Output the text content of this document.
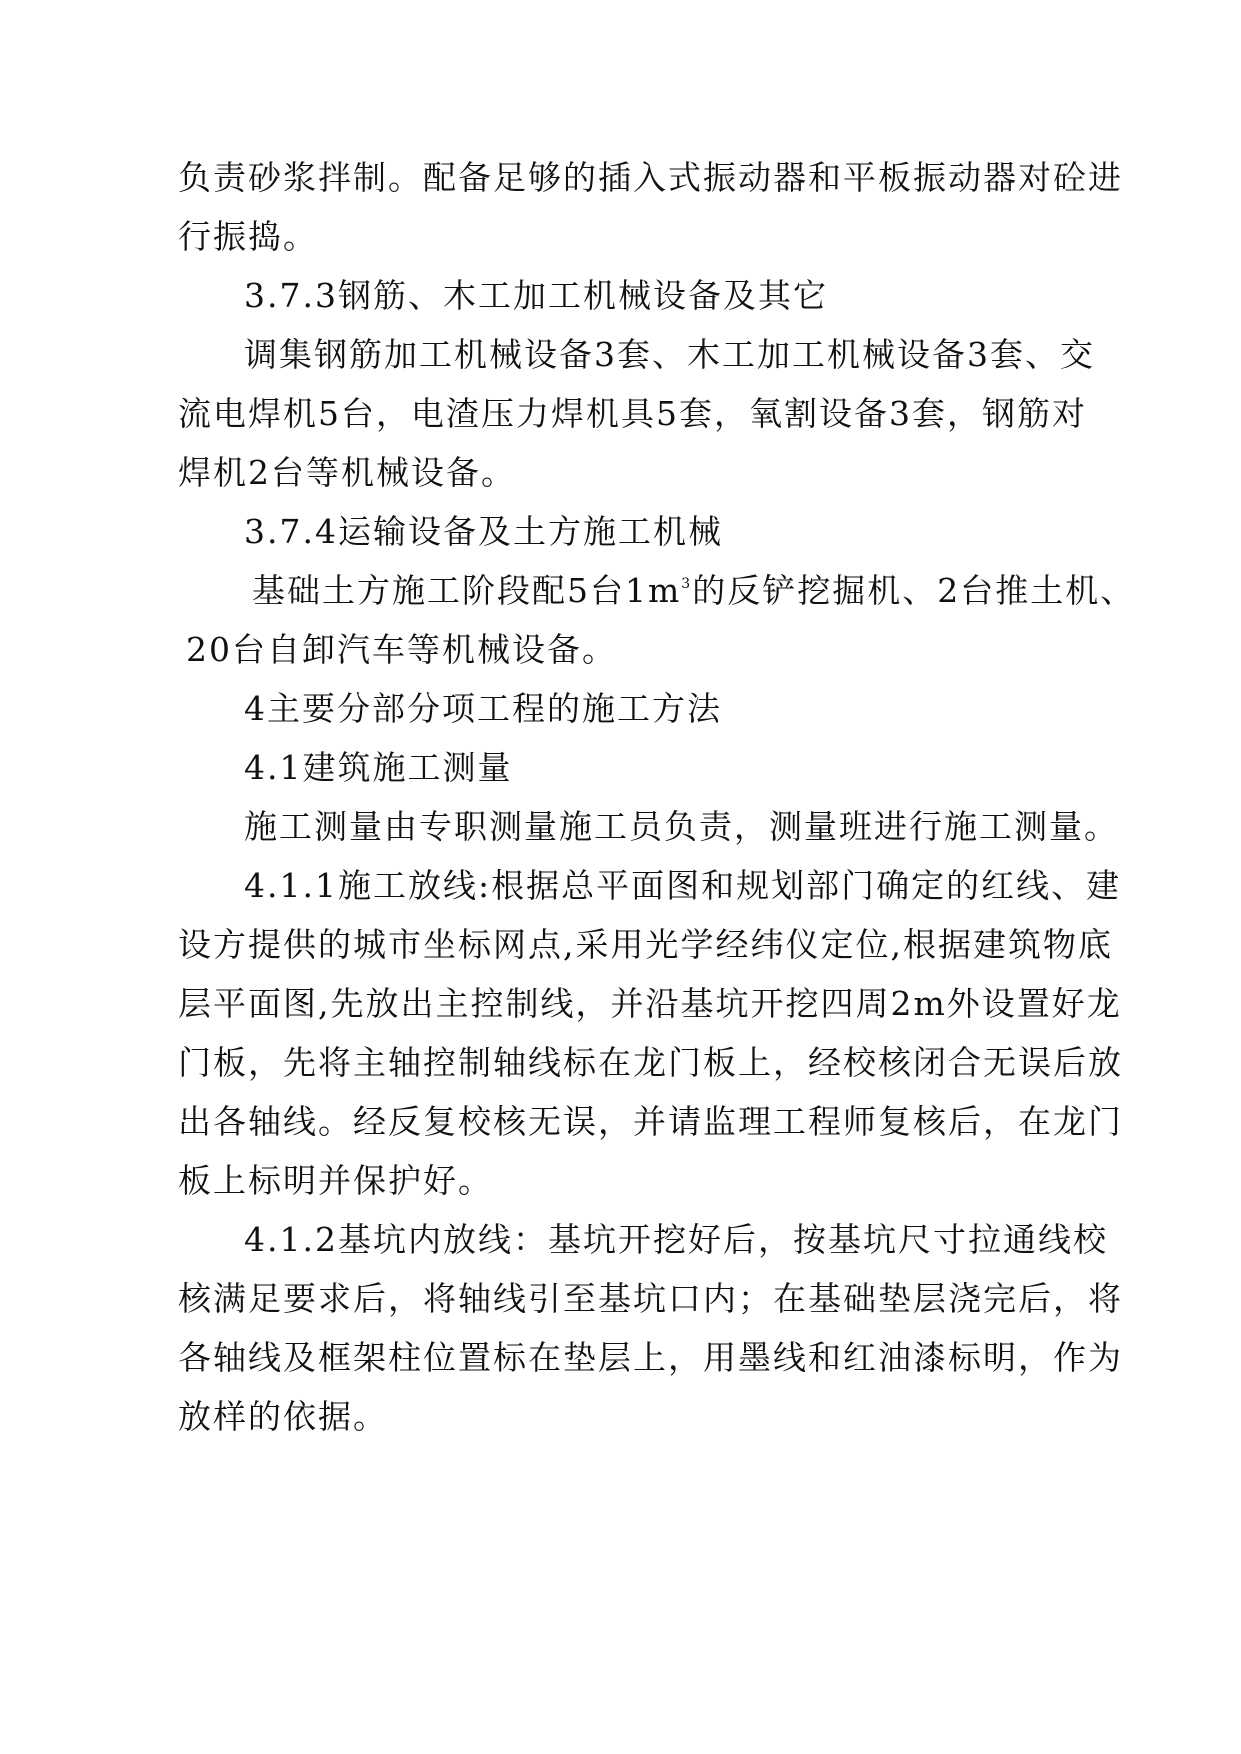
负责砂浆拌制。配备足够的插入式振动器和平板振动器对砼进
行振捣。
3.7.3钢筋、木工加工机械设备及其它
调集钢筋加工机械设备3套、木工加工机械设备3套、交
流电焊机5台，电渣压力焊机具5套，氧割设备3套，钢筋对
焊机2台等机械设备。
3.7.4运输设备及土方施工机械
基础土方施工阶段配5台$1m^3$的反铲挖掘机、2台推土机、
20台自卸汽车等机械设备。
4主要分部分项工程的施工方法
4.1建筑施工测量
施工测量由专职测量施工员负责，测量班进行施工测量。
4.1.1施工放线:根据总平面图和规划部门确定的红线、建
设方提供的城市坐标网点,采用光学经纬仪定位,根据建筑物底
层平面图,先放出主控制线，并沿基坑开挖四周2m外设置好龙
门板，先将主轴控制轴线标在龙门板上，经校核闭合无误后放
出各轴线。经反复校核无误，并请监理工程师复核后，在龙门
板上标明并保护好。
4.1.2基坑内放线：基坑开挖好后，按基坑尺寸拉通线校
核满足要求后，将轴线引至基坑口内；在基础垫层浇完后，将
各轴线及框架柱位置标在垫层上，用墨线和红油漆标明，作为
放样的依据。
